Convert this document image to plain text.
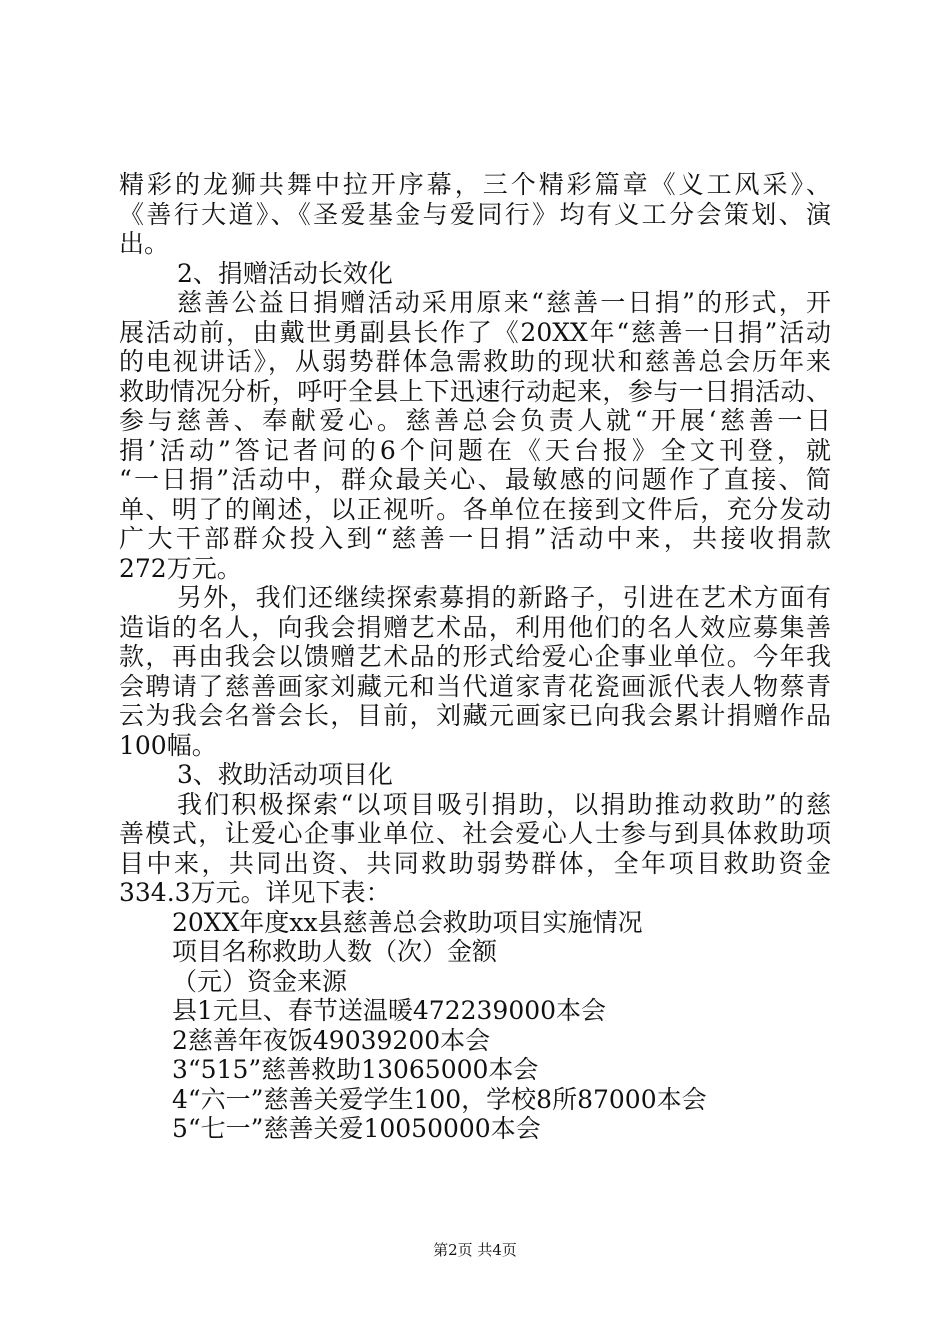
精彩的龙狮共舞中拉开序幕，三个精彩篇章《义工风采》、
《善行大道》、《圣爱基金与爱同行》均有义工分会策划、演
出。
2、捐赠活动长效化
慈善公益日捐赠活动采用原来“慈善一日捐”的形式，开
展活动前，由戴世勇副县长作了《20XX年“慈善一日捐”活动
的电视讲话》，从弱势群体急需救助的现状和慈善总会历年来
救助情况分析，呼吁全县上下迅速行动起来，参与一日捐活动、
参与慈善、奉献爱心。慈善总会负责人就“开展‘慈善一日
捐’活动”答记者问的6个问题在《天台报》全文刊登，就
“一日捐”活动中，群众最关心、最敏感的问题作了直接、简
单、明了的阐述，以正视听。各单位在接到文件后，充分发动
广大干部群众投入到“慈善一日捐”活动中来，共接收捐款
272万元。
另外，我们还继续探索募捐的新路子，引进在艺术方面有
造诣的名人，向我会捐赠艺术品，利用他们的名人效应募集善
款，再由我会以馈赠艺术品的形式给爱心企事业单位。今年我
会聘请了慈善画家刘藏元和当代道家青花瓷画派代表人物蔡青
云为我会名誉会长，目前，刘藏元画家已向我会累计捐赠作品
100幅。
3、救助活动项目化
我们积极探索“以项目吸引捐助，以捐助推动救助”的慈
善模式，让爱心企事业单位、社会爱心人士参与到具体救助项
目中来，共同出资、共同救助弱势群体，全年项目救助资金
334.3万元。详见下表：
20XX年度xx县慈善总会救助项目实施情况
项目名称救助人数（次）金额
（元）资金来源
县1元旦、春节送温暖472239000本会
2慈善年夜饭49039200本会
3“515”慈善救助13065000本会
4“六一”慈善关爱学生100，学校8所87000本会
5“七一”慈善关爱10050000本会
第2页 共4页
